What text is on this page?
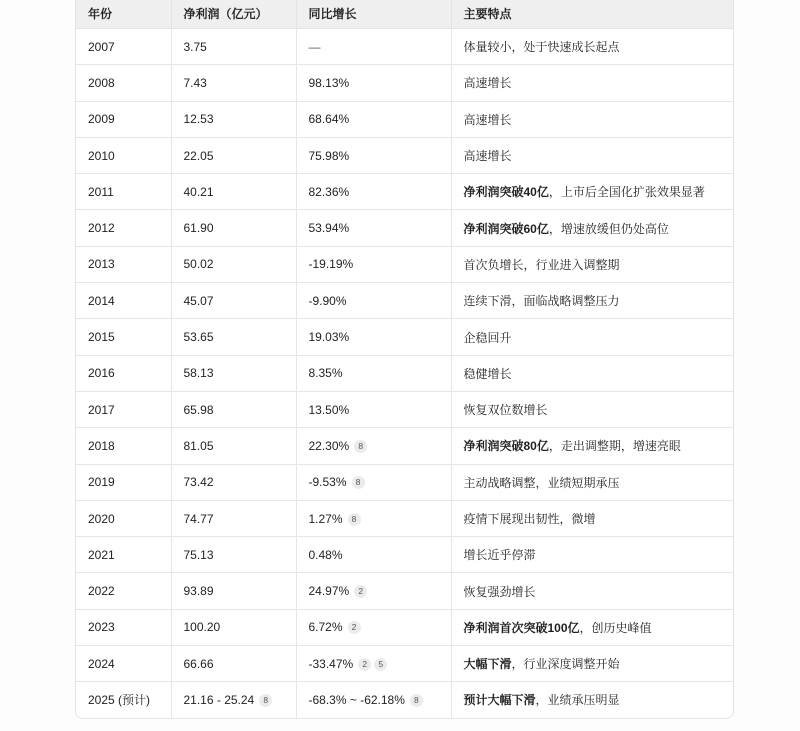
年份	净利润（亿元）	同比增长	主要特点
2007	3.75	—	体量较小，处于快速成长起点
2008	7.43	98.13%	高速增长
2009	12.53	68.64%	高速增长
2010	22.05	75.98%	高速增长
2011	40.21	82.36%	净利润突破40亿，上市后全国化扩张效果显著
2012	61.90	53.94%	净利润突破60亿，增速放缓但仍处高位
2013	50.02	-19.19%	首次负增长，行业进入调整期
2014	45.07	-9.90%	连续下滑，面临战略调整压力
2015	53.65	19.03%	企稳回升
2016	58.13	8.35%	稳健增长
2017	65.98	13.50%	恢复双位数增长
2018	81.05	22.30% 8	净利润突破80亿，走出调整期，增速亮眼
2019	73.42	-9.53% 8	主动战略调整，业绩短期承压
2020	74.77	1.27% 8	疫情下展现出韧性，微增
2021	75.13	0.48%	增长近乎停滞
2022	93.89	24.97% 2	恢复强劲增长
2023	100.20	6.72% 2	净利润首次突破100亿，创历史峰值
2024	66.66	-33.47% 2 5	大幅下滑，行业深度调整开始
2025 (预计)	21.16 - 25.24 8	-68.3% ~ -62.18% 8	预计大幅下滑，业绩承压明显
